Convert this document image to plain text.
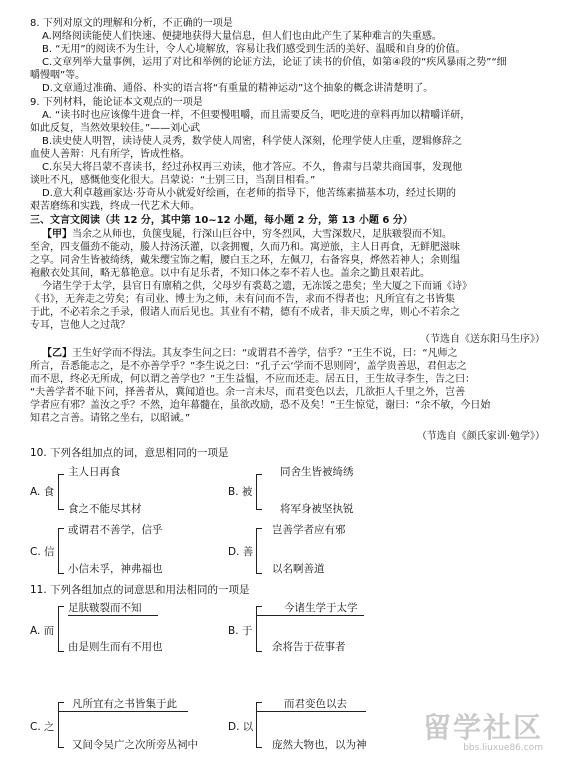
8. 下列对原文的理解和分析，不正确的一项是
A.网络阅读能使人们快速、便捷地获得大量信息，但人们也由此产生了某种难言的失重感。
B. “无用”的阅读不为生计，令人心境解放，容易让我们感受到生活的美好、温暖和自身的价值。
C.文章列举大量事例，运用了对比和举例的论证方法，论证了读书的价值，如第④段的“疾风暴雨之势”“细
嚼慢咽”等。
D.文章通过准确、通俗、朴实的语言将“有重量的精神运动”这个抽象的概念讲清楚明了。
9. 下列材料，能论证本文观点的一项是
A. “读书时也应该像牛进食一样，不但要慢咀嚼，而且需要反刍，吧吃进的章料再加以精嚼详研，
如此反复，当然效果较佳。”——刘心武
B.读史使人明智，读诗使人灵秀，数学使人周密，科学使人深刻，伦理学使人庄重，逻辑修辞之
血使人善辩：凡有所学，皆成性格。
C.东吴大将吕蒙不喜读书，经过孙权再三劝读，他才答应。不久，鲁肃与吕蒙共商国事，发现他
谈吐不凡，感慨他变化很大。吕蒙说：“士别三日，当刮目相看。”
D.意大利卓越画家达·芬奇从小就爱好绘画，在老师的指导下，他苦练素描基本功，经过长期的
艰苦磨练和实践，终成一代艺术大师。
三、文言文阅读（共 12 分，其中第 10~12 小题，每小题 2 分，第 13 小题 6 分）
【甲】当余之从师也，负箧曳屣，行深山巨谷中，穷冬烈风，大雪深数尺，足肤皲裂而不知。
至舍，四支僵劲不能动，媵人持汤沃灌，以衾拥覆，久而乃和。寓逆旅，主人日再食，无鲜肥滋味
之享。同舍生皆被绮绣，戴朱缨宝饰之帽，腰白玉之环，左佩刀，右备容臭，烨然若神人；余则缊
袍敝衣处其间，略无慕艳意。以中有足乐者，不知口体之奉不若人也。盖余之勤且艰若此。
今诸生学于太学，县官日有廪稍之供，父母岁有裘葛之遗，无冻馁之患矣；坐大厦之下而诵《诗》
《书》，无奔走之劳矣；有司业、博士为之师，未有问而不告，求而不得者也；凡所宜有之书皆集
于此，不必若余之手录，假诸人而后见也。其业有不精，德有不成者，非天质之卑，则心不若余之
专耳，岂他人之过哉？
（节选自《送东阳马生序》）
【乙】王生好学而不得法。其友李生问之曰：“或谓君不善学，信乎？”王生不说，曰：“凡师之
所言，吾悉能志之，是不亦善学乎？”李生说之曰：“孔子云‘学而不思则罔’，盖学贵善思，君但志之
而不思，终必无所成，何以谓之善学也？”王生益愠，不应而还走。居五日，王生故寻李生，告之曰：
“夫善学者不耻下问，择善者从，冀闻道也。余一言未尽，而君变色以去，几欲拒人千里之外，岂善
学者应有邪？盖汝之乎？不然，迨年幕髓在，虽欲改励，恐不及矣！”王生惊觉，谢曰：“余不敏，今日始
知君之言善。请铭之坐右，以昭诫。”
（节选自《颜氏家训·勉学》）
10. 下列各组加点的词，意思相同的一项是
A. 食
主人日再食
食之不能尽其材
B. 被
同舍生皆被绮绣
将军身被坚执锐
C. 信
或谓君不善学，信乎
小信未孚，神弗福也
D. 善
岂善学者应有邪
以名啊善道
11. 下列各组加点的词意思和用法相同的一项是
A. 而
足肤皲裂而不知
由是则生而有不用也
B. 于
今诸生学于太学
余将告于莅事者
C. 之
凡所宜有之书皆集于此
又间令吴广之次所旁丛祠中
D. 以
而君变色以去
庞然大物也，以为神
留学社区
bbs.liuxue86.com
